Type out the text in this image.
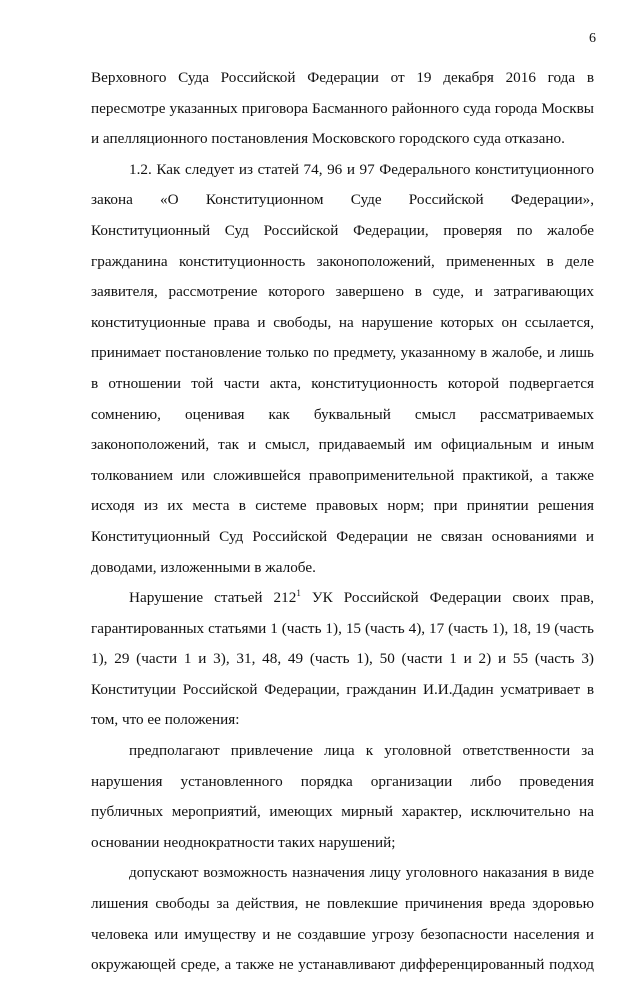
6

Верховного Суда Российской Федерации от 19 декабря 2016 года в пересмотре указанных приговора Басманного районного суда города Москвы и апелляционного постановления Московского городского суда отказано.

1.2. Как следует из статей 74, 96 и 97 Федерального конституционного закона «О Конституционном Суде Российской Федерации», Конституционный Суд Российской Федерации, проверяя по жалобе гражданина конституционность законоположений, примененных в деле заявителя, рассмотрение которого завершено в суде, и затрагивающих конституционные права и свободы, на нарушение которых он ссылается, принимает постановление только по предмету, указанному в жалобе, и лишь в отношении той части акта, конституционность которой подвергается сомнению, оценивая как буквальный смысл рассматриваемых законоположений, так и смысл, придаваемый им официальным и иным толкованием или сложившейся правоприменительной практикой, а также исходя из их места в системе правовых норм; при принятии решения Конституционный Суд Российской Федерации не связан основаниями и доводами, изложенными в жалобе.

Нарушение статьей $212^1$ УК Российской Федерации своих прав, гарантированных статьями 1 (часть 1), 15 (часть 4), 17 (часть 1), 18, 19 (часть 1), 29 (части 1 и 3), 31, 48, 49 (часть 1), 50 (части 1 и 2) и 55 (часть 3) Конституции Российской Федерации, гражданин И.И.Дадин усматривает в том, что ее положения:

предполагают привлечение лица к уголовной ответственности за нарушения установленного порядка организации либо проведения публичных мероприятий, имеющих мирный характер, исключительно на основании неоднократности таких нарушений;

допускают возможность назначения лицу уголовного наказания в виде лишения свободы за действия, не повлекшие причинения вреда здоровью человека или имуществу и не создавшие угрозу безопасности населения и окружающей среде, а также не устанавливают дифференцированный подход
